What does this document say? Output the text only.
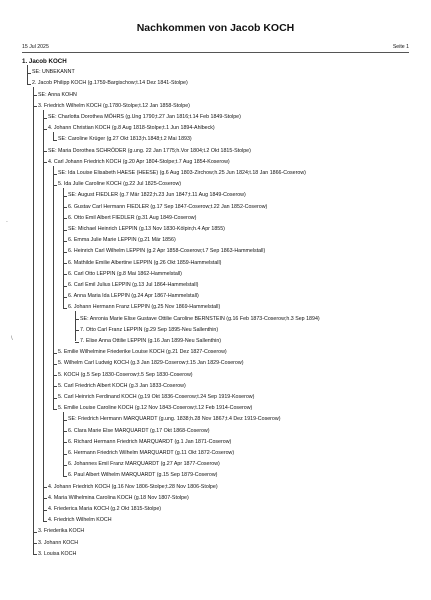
Nachkommen von Jacob KOCH
15 Jul 2025	Seite 1
1. Jacob KOCH
SE: UNBEKANNT
2. Jacob Philipp KOCH (g.1759-Bargischow;t.14 Dez 1841-Stolpe)
SE: Anna KOHN
3. Friedrich Wilhelm KOCH (g.1780-Stolpe;t.12 Jan 1858-Stolpe)
SE: Charlotta Dorothea MÖHRS (g.Ung 1790;t.27 Jan 1816;t.14 Feb 1849-Stolpe)
4. Johann Christian KOCH (g.8 Aug 1818-Stolpe;t.1 Jun 1894-Ahlbeck)
SE: Caroline Krüger (g.27 Okt 1813;h.1848;t.2 Mai 1893)
SE: Maria Dorothea SCHRÖDER (g.ung. 22 Jan 1775;h.Vor 1804;t.2 Okt 1815-Stolpe)
4. Carl Johann Friedrich KOCH (g.20 Apr 1804-Stolpe;t.7 Aug 1854-Koserow)
SE: Ida Louise Elisabeth HAESE (HEESE) (g.6 Aug 1803-Zirchow;h.25 Jun 1824;t.18 Jan 1866-Coserow)
5. Ida Julie Caroline KOCH (g.22 Jul 1825-Coserow)
SE: August FIEDLER (g.7 Mär 1822;h.23 Jun 1847;t.11 Aug 1849-Coserow)
6. Gustav Carl Hermann FIEDLER (g.17 Sep 1847-Coserow;t.22 Jan 1852-Coserow)
6. Otto Emil Albert FIEDLER (g.31 Aug 1849-Coserow)
SE: Michael Heinrich LEPPIN (g.13 Nov 1830-Kölpin;h.4 Apr 1855)
6. Emma Julie Marie LEPPIN (g.21 Mär 1856)
6. Heinrich Carl Wilhelm LEPPIN (g.2 Apr 1858-Coserow;t.7 Sep 1863-Hammelstall)
6. Mathilde Emilie Albertine LEPPIN (g.26 Okt 1859-Hammelstall)
6. Carl Otto LEPPIN (g.8 Mai 1862-Hammelstall)
6. Carl Emil Julius LEPPIN (g.13 Jul 1864-Hammelstall)
6. Anna Maria Ida LEPPIN (g.24 Apr 1867-Hammelstall)
6. Johann Hermann Franz LEPPIN (g.25 Nov 1869-Hammelstall)
SE: Anronia Marie Elise Gustave Ottilie Caroline BERNSTEIN (g.16 Feb 1873-Coserow;h.3 Sep 1894)
7. Otto Carl Franz LEPPIN (g.29 Sep 1895-Neu Sallenthin)
7. Elise Anna Ottilie LEPPIN (g.16 Jan 1899-Neu Sallenthin)
5. Emilie Wilhelmine Friederike Louise KOCH (g.21 Dez 1827-Coserow)
5. Wilhelm Carl Ludwig KOCH (g.3 Jan 1829-Coserow;t.15 Jan 1829-Coserow)
5. KOCH (g.5 Sep 1830-Coserow;t.5 Sep 1830-Coserow)
5. Carl Friedrich Albert KOCH (g.3 Jan 1833-Coserow)
5. Carl Heinrich Ferdinand KOCH (g.19 Okt 1836-Coserow;t.24 Sep 1919-Koserow)
5. Emilie Louise Caroline KOCH (g.12 Nov 1843-Coserow;t.12 Feb 1914-Coserow)
SE: Friedrich Hermann MARQUARDT (g.ung. 1838;h.28 Nov 1867;t.4 Dez 1919-Coserow)
6. Clara Marie Else MARQUARDT (g.17 Okt 1868-Coserow)
6. Richard Hermann Friedrich MARQUARDT (g.1 Jan 1871-Coserow)
6. Hermann Friedrich Wilhelm MARQUARDT (g.11 Okt 1872-Coserow)
6. Johannes Emil Franz MARQUARDT (g.27 Apr 1877-Coserow)
6. Paul Albert Wilhelm MARQUARDT (g.15 Sep 1879-Coserow)
4. Johann Friedrich KOCH (g.16 Nov 1806-Stolpe;t.28 Nov 1806-Stolpe)
4. Maria Wilhelmina Carolina KOCH (g.18 Nov 1807-Stolpe)
4. Friederica Maria KOCH (g.2 Okt 1815-Stolpe)
4. Friedrich Wilhelm KOCH
3. Friederika KOCH
3. Johann KOCH
3. Louisa KOCH
`
\
